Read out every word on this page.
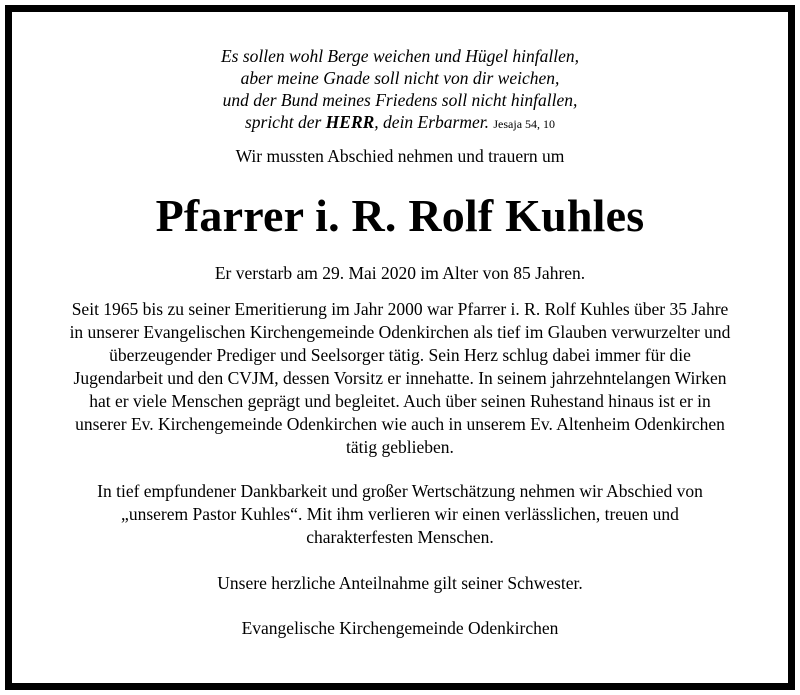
Es sollen wohl Berge weichen und Hügel hinfallen,
aber meine Gnade soll nicht von dir weichen,
und der Bund meines Friedens soll nicht hinfallen,
spricht der HERR, dein Erbarmer. Jesaja 54, 10
Wir mussten Abschied nehmen und trauern um
Pfarrer i. R. Rolf Kuhles
Er verstarb am 29. Mai 2020 im Alter von 85 Jahren.
Seit 1965 bis zu seiner Emeritierung im Jahr 2000 war Pfarrer i. R. Rolf Kuhles über 35 Jahre
in unserer Evangelischen Kirchengemeinde Odenkirchen als tief im Glauben verwurzelter und
überzeugender Prediger und Seelsorger tätig. Sein Herz schlug dabei immer für die
Jugendarbeit und den CVJM, dessen Vorsitz er innehatte. In seinem jahrzehntelangen Wirken
hat er viele Menschen geprägt und begleitet. Auch über seinen Ruhestand hinaus ist er in
unserer Ev. Kirchengemeinde Odenkirchen wie auch in unserem Ev. Altenheim Odenkirchen
tätig geblieben.
In tief empfundener Dankbarkeit und großer Wertschätzung nehmen wir Abschied von
„unserem Pastor Kuhles“. Mit ihm verlieren wir einen verlässlichen, treuen und
charakterfesten Menschen.
Unsere herzliche Anteilnahme gilt seiner Schwester.
Evangelische Kirchengemeinde Odenkirchen
